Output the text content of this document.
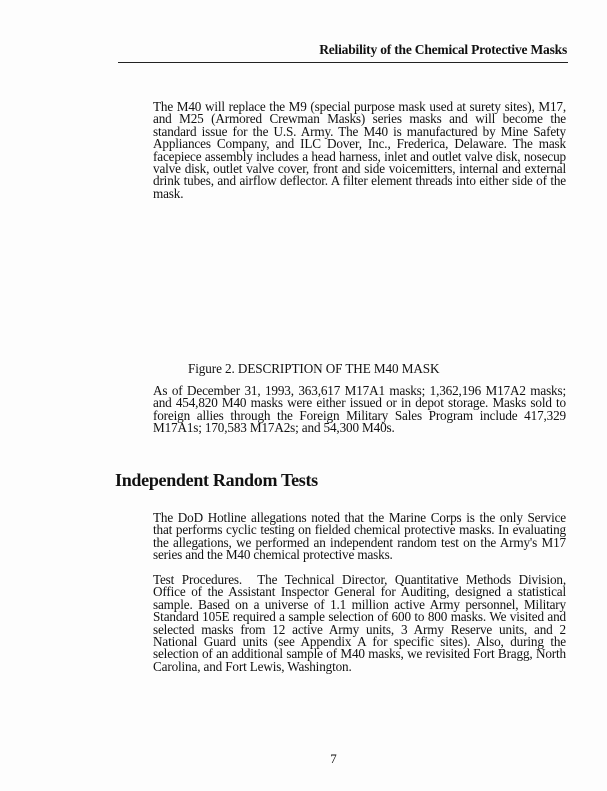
Reliability of the Chemical Protective Masks

The M40 will replace the M9 (special purpose mask used at surety sites), M17, and M25 (Armored Crewman Masks) series masks and will become the standard issue for the U.S. Army. The M40 is manufactured by Mine Safety Appliances Company, and ILC Dover, Inc., Frederica, Delaware. The mask facepiece assembly includes a head harness, inlet and outlet valve disk, nosecup valve disk, outlet valve cover, front and side voicemitters, internal and external drink tubes, and airflow deflector. A filter element threads into either side of the mask.

Figure 2. DESCRIPTION OF THE M40 MASK

As of December 31, 1993, 363,617 M17A1 masks; 1,362,196 M17A2 masks; and 454,820 M40 masks were either issued or in depot storage. Masks sold to foreign allies through the Foreign Military Sales Program include 417,329 M17A1s; 170,583 M17A2s; and 54,300 M40s.

Independent Random Tests

The DoD Hotline allegations noted that the Marine Corps is the only Service that performs cyclic testing on fielded chemical protective masks. In evaluating the allegations, we performed an independent random test on the Army's M17 series and the M40 chemical protective masks.

Test Procedures. The Technical Director, Quantitative Methods Division, Office of the Assistant Inspector General for Auditing, designed a statistical sample. Based on a universe of 1.1 million active Army personnel, Military Standard 105E required a sample selection of 600 to 800 masks. We visited and selected masks from 12 active Army units, 3 Army Reserve units, and 2 National Guard units (see Appendix A for specific sites). Also, during the selection of an additional sample of M40 masks, we revisited Fort Bragg, North Carolina, and Fort Lewis, Washington.

7
